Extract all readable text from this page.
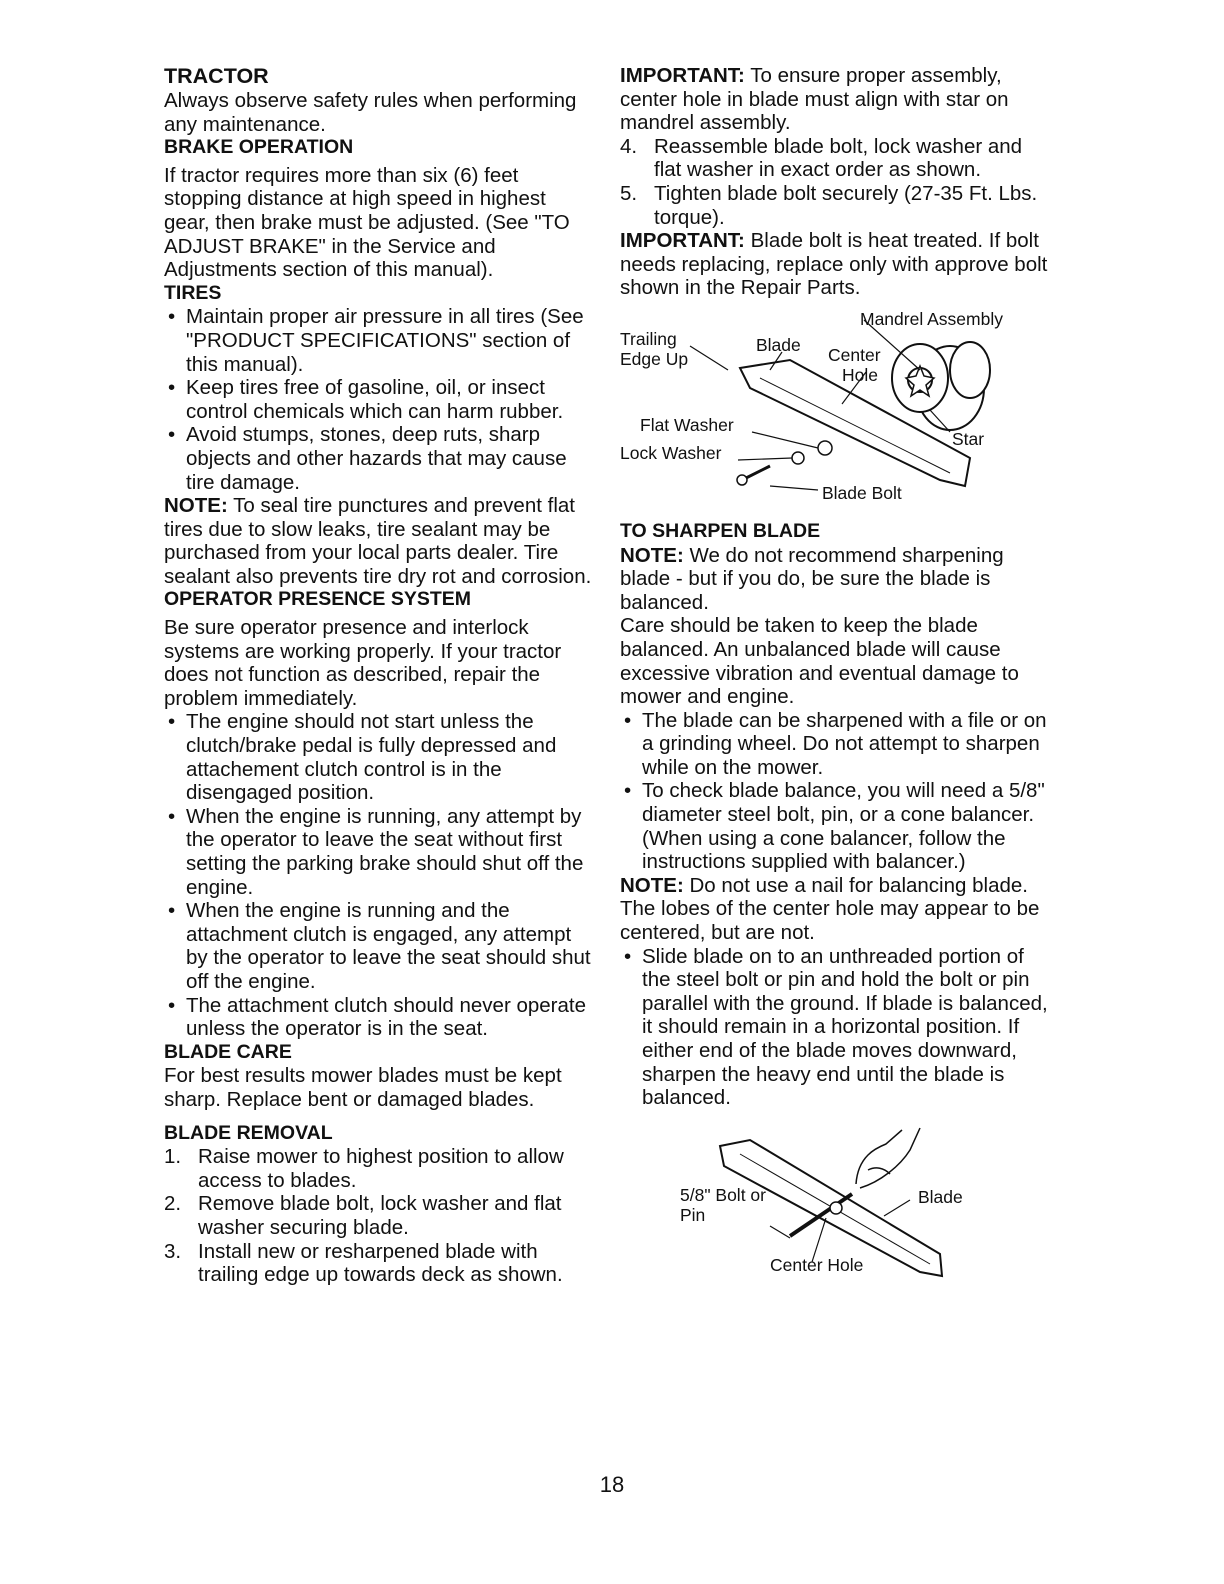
TRACTOR

Always observe safety rules when performing any maintenance.

BRAKE OPERATION

If tractor requires more than six (6) feet stopping distance at high speed in highest gear, then brake must be adjusted. (See "TO ADJUST BRAKE" in the Service and Adjustments section of this manual).

TIRES
• Maintain proper air pressure in all tires (See "PRODUCT SPECIFICATIONS" section of this manual).
• Keep tires free of gasoline, oil, or insect control chemicals which can harm rubber.
• Avoid stumps, stones, deep ruts, sharp objects and other hazards that may cause tire damage.

NOTE: To seal tire punctures and prevent flat tires due to slow leaks, tire sealant may be purchased from your local parts dealer. Tire sealant also prevents tire dry rot and corrosion.

OPERATOR PRESENCE SYSTEM

Be sure operator presence and interlock systems are working properly. If your tractor does not function as described, repair the problem immediately.

• The engine should not start unless the clutch/brake pedal is fully depressed and attachement clutch control is in the disengaged position.
• When the engine is running, any attempt by the operator to leave the seat without first setting the parking brake should shut off the engine.
• When the engine is running and the attachment clutch is engaged, any attempt by the operator to leave the seat should shut off the engine.
• The attachment clutch should never operate unless the operator is in the seat.
BLADE CARE

For best results mower blades must be kept sharp. Replace bent or damaged blades.

BLADE REMOVAL
1. Raise mower to highest position to allow access to blades.
2. Remove blade bolt, lock washer and flat washer securing blade.
3. Install new or resharpened blade with trailing edge up towards deck as shown.

IMPORTANT: To ensure proper assembly, center hole in blade must align with star on mandrel assembly.

4. Reassemble blade bolt, lock washer and flat washer in exact order as shown.
5. Tighten blade bolt securely (27-35 Ft. Lbs. torque).

IMPORTANT: Blade bolt is heat treated. If bolt needs replacing, replace only with approve bolt shown in the Repair Parts.

Mandrel Assembly
Trailing
Edge Up
Blade Center
Hole
Flat Washer
Lock Washer
Star
Blade Bolt
TO SHARPEN BLADE

NOTE: We do not recommend sharpening blade - but if you do, be sure the blade is balanced.

Care should be taken to keep the blade balanced. An unbalanced blade will cause excessive vibration and eventual damage to mower and engine.

• The blade can be sharpened with a file or on a grinding wheel. Do not attempt to sharpen while on the mower.
• To check blade balance, you will need a 5/8" diameter steel bolt, pin, or a cone balancer. (When using a cone balancer, follow the instructions supplied with balancer.)

NOTE: Do not use a nail for balancing blade. The lobes of the center hole may appear to be centered, but are not.

• Slide blade on to an unthreaded portion of the steel bolt or pin and hold the bolt or pin parallel with the ground. If blade is balanced, it should remain in a horizontal position. If either end of the blade moves downward, sharpen the heavy end until the blade is balanced.
5/8" Bolt or
Pin
Blade
Center Hole
18
